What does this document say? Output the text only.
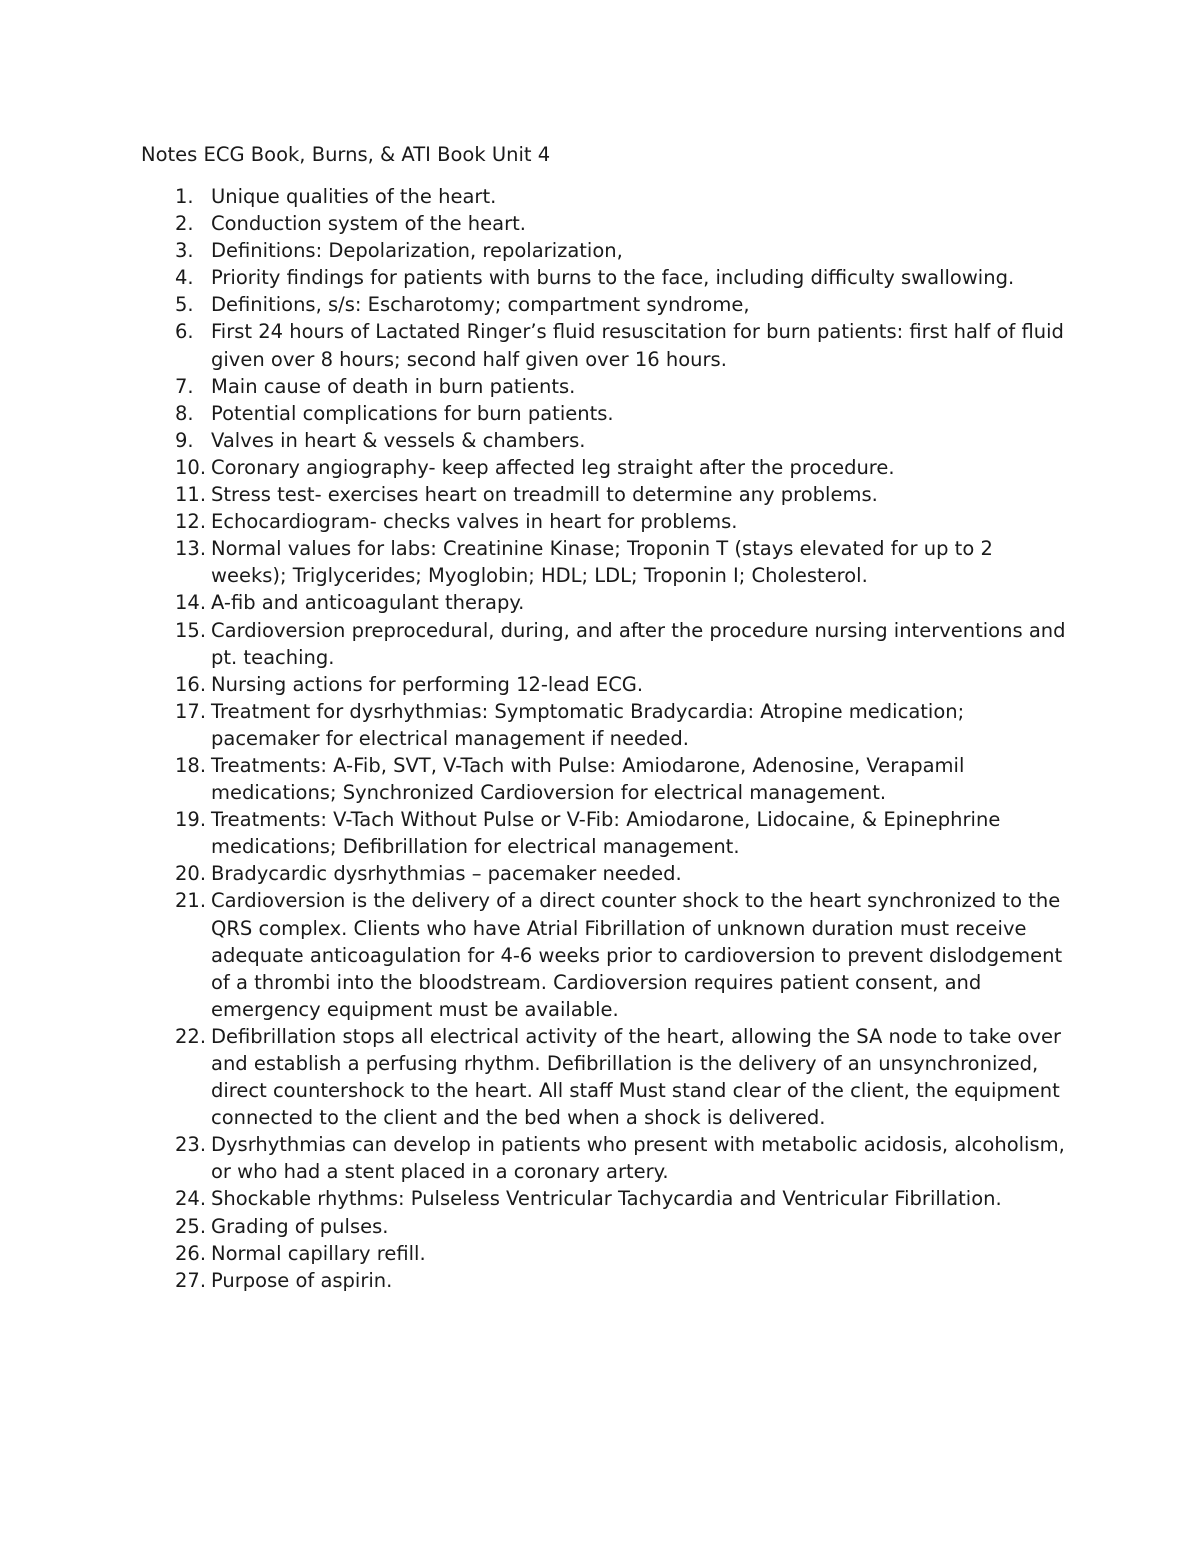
Notes ECG Book, Burns, & ATI Book Unit 4
1. Unique qualities of the heart.
2. Conduction system of the heart.
3. Definitions: Depolarization, repolarization,
4. Priority findings for patients with burns to the face, including difficulty swallowing.
5. Definitions, s/s: Escharotomy; compartment syndrome,
6. First 24 hours of Lactated Ringer’s fluid resuscitation for burn patients: first half of fluid given over 8 hours; second half given over 16 hours.
7. Main cause of death in burn patients.
8. Potential complications for burn patients.
9. Valves in heart & vessels & chambers.
10. Coronary angiography- keep affected leg straight after the procedure.
11. Stress test- exercises heart on treadmill to determine any problems.
12. Echocardiogram- checks valves in heart for problems.
13. Normal values for labs: Creatinine Kinase; Troponin T (stays elevated for up to 2 weeks); Triglycerides; Myoglobin; HDL; LDL; Troponin I; Cholesterol.
14. A-fib and anticoagulant therapy.
15. Cardioversion preprocedural, during, and after the procedure nursing interventions and pt. teaching.
16. Nursing actions for performing 12-lead ECG.
17. Treatment for dysrhythmias: Symptomatic Bradycardia: Atropine medication; pacemaker for electrical management if needed.
18. Treatments: A-Fib, SVT, V-Tach with Pulse: Amiodarone, Adenosine, Verapamil medications; Synchronized Cardioversion for electrical management.
19. Treatments: V-Tach Without Pulse or V-Fib: Amiodarone, Lidocaine, & Epinephrine medications; Defibrillation for electrical management.
20. Bradycardic dysrhythmias – pacemaker needed.
21. Cardioversion is the delivery of a direct counter shock to the heart synchronized to the QRS complex. Clients who have Atrial Fibrillation of unknown duration must receive adequate anticoagulation for 4-6 weeks prior to cardioversion to prevent dislodgement of a thrombi into the bloodstream. Cardioversion requires patient consent, and emergency equipment must be available.
22. Defibrillation stops all electrical activity of the heart, allowing the SA node to take over and establish a perfusing rhythm. Defibrillation is the delivery of an unsynchronized, direct countershock to the heart. All staff Must stand clear of the client, the equipment connected to the client and the bed when a shock is delivered.
23. Dysrhythmias can develop in patients who present with metabolic acidosis, alcoholism, or who had a stent placed in a coronary artery.
24. Shockable rhythms: Pulseless Ventricular Tachycardia and Ventricular Fibrillation.
25. Grading of pulses.
26. Normal capillary refill.
27. Purpose of aspirin.
